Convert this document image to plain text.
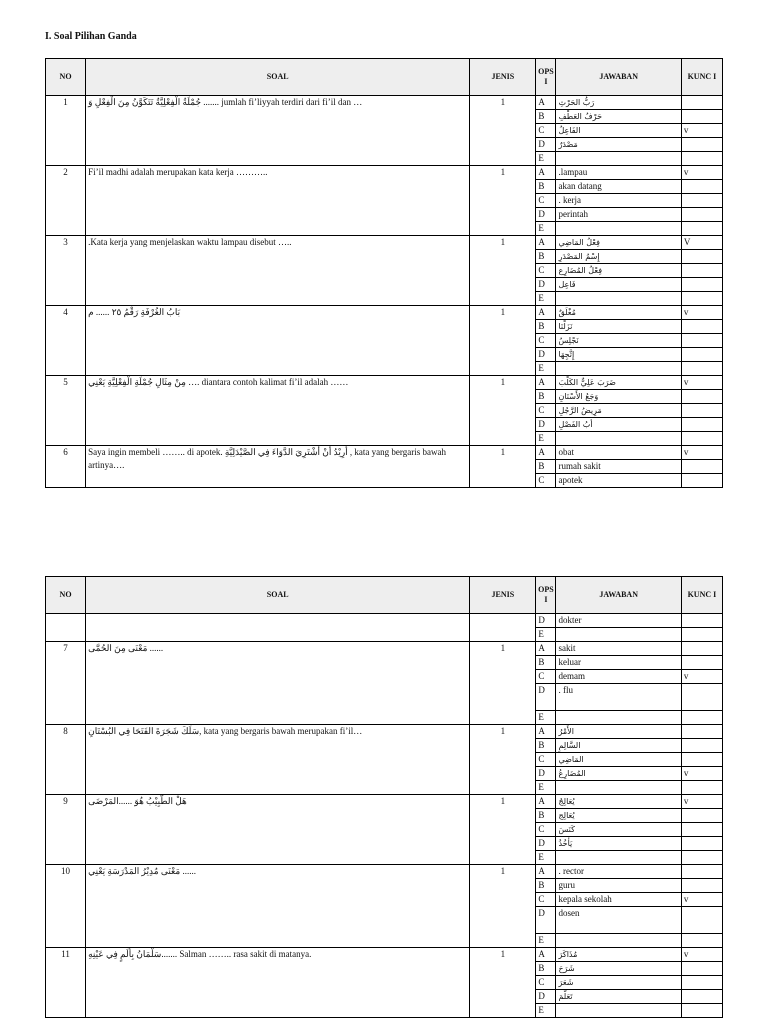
I. Soal Pilihan Ganda
NO	SOAL	JENIS	OPS I	JAWABAN	KUNC I
1	جُمْلَةُ الْفِعْلِيَّةُ تَتَكَوَّنُ مِنَ الْفِعْلِ وَ ....... jumlah fi’liyyah terdiri dari fi’il dan …	1	A	رَبُّ الحَرْثِ	
			B	حَرْفُ العَطْفِ	
			C	الفَاعِلُ	v
			D	مَصْدَرٌ	
			E		
2	Fi’il madhi adalah merupakan kata kerja ………..	1	A	.lampau	v
			B	akan datang	
			C	. kerja	
			D	perintah	
			E		
3	.Kata kerja yang menjelaskan waktu lampau disebut …..	1	A	فِعْلُ المَاضِي	V
			B	إِسْمُ المَصْدَرِ	
			C	فِعْلُ المُضَارِع	
			D	فَاعِل	
			E		
4	بَابُ الغُرْفَةِ رَقْمُ ٢٥ ...... م	1	A	مُغْلَقٌ	v
			B	نَزَلْنَا	
			C	نَجْلِسُ	
			D	إِتَّجِهَا	
			E		
5	مِنْ مِثَالِ جُمْلَةِ الْفِعْلِيَّةِ يَعْنِي …. diantara contoh kalimat fi’il adalah ……	1	A	ضَرَبَ عَلِيٌّ الكَلْبَ	v
			B	وَجَعُ الأَسْنَانِ	
			C	مَرِيضُ الرَّجُلِ	
			D	أبُ الفَصْلِ	
			E		
6	Saya ingin membeli …….. di apotek. أُرِيْدُ أَنْ أَشْتَرِيَ الدَّوَاءَ فِي الصَّيْدَلِيَّةِ , kata yang bergaris bawah artinya….	1	A	obat	v
			B	rumah sakit	
			C	apotek	
NO	SOAL	JENIS	OPS I	JAWABAN	KUNC I
			D	dokter	
			E		
7	مَعْنَى مِنَ الحُمَّى ......	1	A	sakit	
			B	keluar	
			C	demam	v
			D	. flu	
			E		
8	سَلَكَ شَجَرَةَ الفَتَحَا فِي البُسْتَانِ, kata yang bergaris bawah merupakan fi’il…	1	A	الأَمْرُ	
			B	السَّالِمِ	
			C	المَاضِي	
			D	المُضَارِعُ	v
			E		
9	هَلْ الطَّبِيْبُ هُوَ ......المَرْضَى	1	A	يُعَالِجُ	v
			B	يُعَالِج	
			C	كَنَسَ	
			D	يَأْخُذُ	
			E		
10	مَعْنَى مُدِيْرُ المَدْرَسَةِ يَعْنِي ......	1	A	. rector	
			B	guru	
			C	kepala sekolah	v
			D	dosen	
			E		
11	سَلْمَانُ بِأَلَمٍ فِي عَيْنِهِ....... Salman …….. rasa sakit di matanya.	1	A	مُذَاكَرَ	v
			B	شَرَحَ	
			C	شَعَرَ	
			D	تَعَلَّمَ	
			E		
